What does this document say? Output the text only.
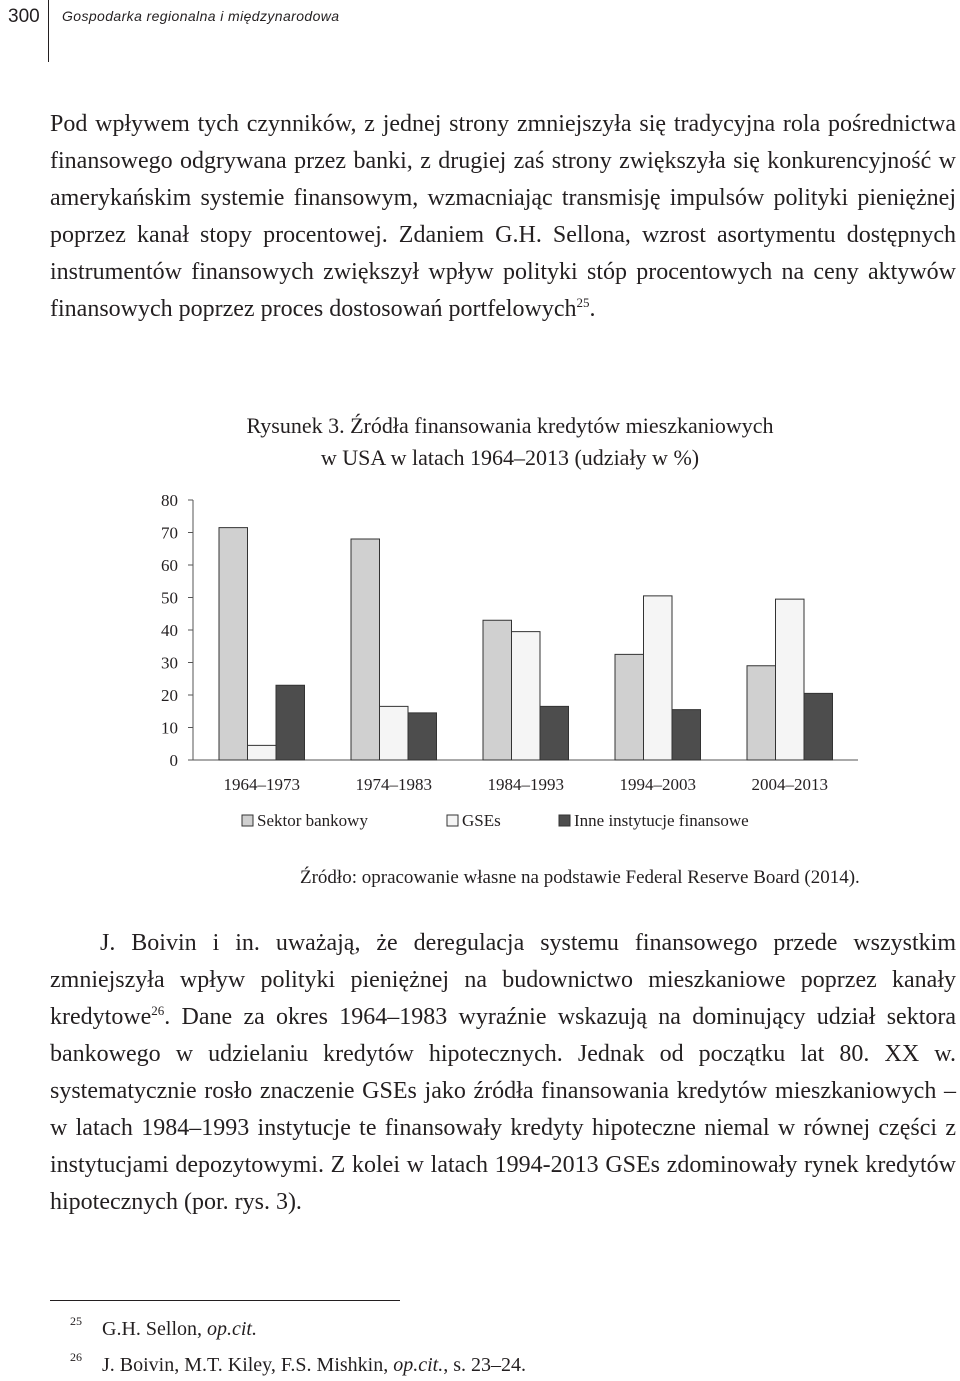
300 Gospodarka regionalna i międzynarodowa

Pod wpływem tych czynników, z jednej strony zmniejszyła się tradycyjna rola pośrednictwa finansowego odgrywana przez banki, z drugiej zaś strony zwiększyła się konkurencyjność w amerykańskim systemie finansowym, wzmacniając transmisję impulsów polityki pieniężnej poprzez kanał stopy procentowej. Zdaniem G.H. Sellona, wzrost asortymentu dostępnych instrumentów finansowych zwiększył wpływ polityki stóp procentowych na ceny aktywów finansowych poprzez proces dostosowań portfelowych$^{25}$.

Rysunek 3. Źródła finansowania kredytów mieszkaniowych
w USA w latach 1964–2013 (udziały w %)
0
10
20
30
40
50
60
70
80
1964–1973	1974–1983	1984–1993	1994–2003	2004–2013
Sektor bankowy	GSEs	Inne instytucje finansowe
Źródło: opracowanie własne na podstawie Federal Reserve Board (2014).

J. Boivin i in. uważają, że deregulacja systemu finansowego przede wszystkim zmniejszyła wpływ polityki pieniężnej na budownictwo mieszkaniowe poprzez kanały kredytowe$^{26}$. Dane za okres 1964–1983 wyraźnie wskazują na dominujący udział sektora bankowego w udzielaniu kredytów hipotecznych. Jednak od początku lat 80. XX w. systematycznie rosło znaczenie GSEs jako źródła finansowania kredytów mieszkaniowych – w latach 1984–1993 instytucje te finansowały kredyty hipoteczne niemal w równej części z instytucjami depozytowymi. Z kolei w latach 1994-2013 GSEs zdominowały rynek kredytów hipotecznych (por. rys. 3).

25 G.H. Sellon, op.cit.
26 J. Boivin, M.T. Kiley, F.S. Mishkin, op.cit., s. 23–24.
